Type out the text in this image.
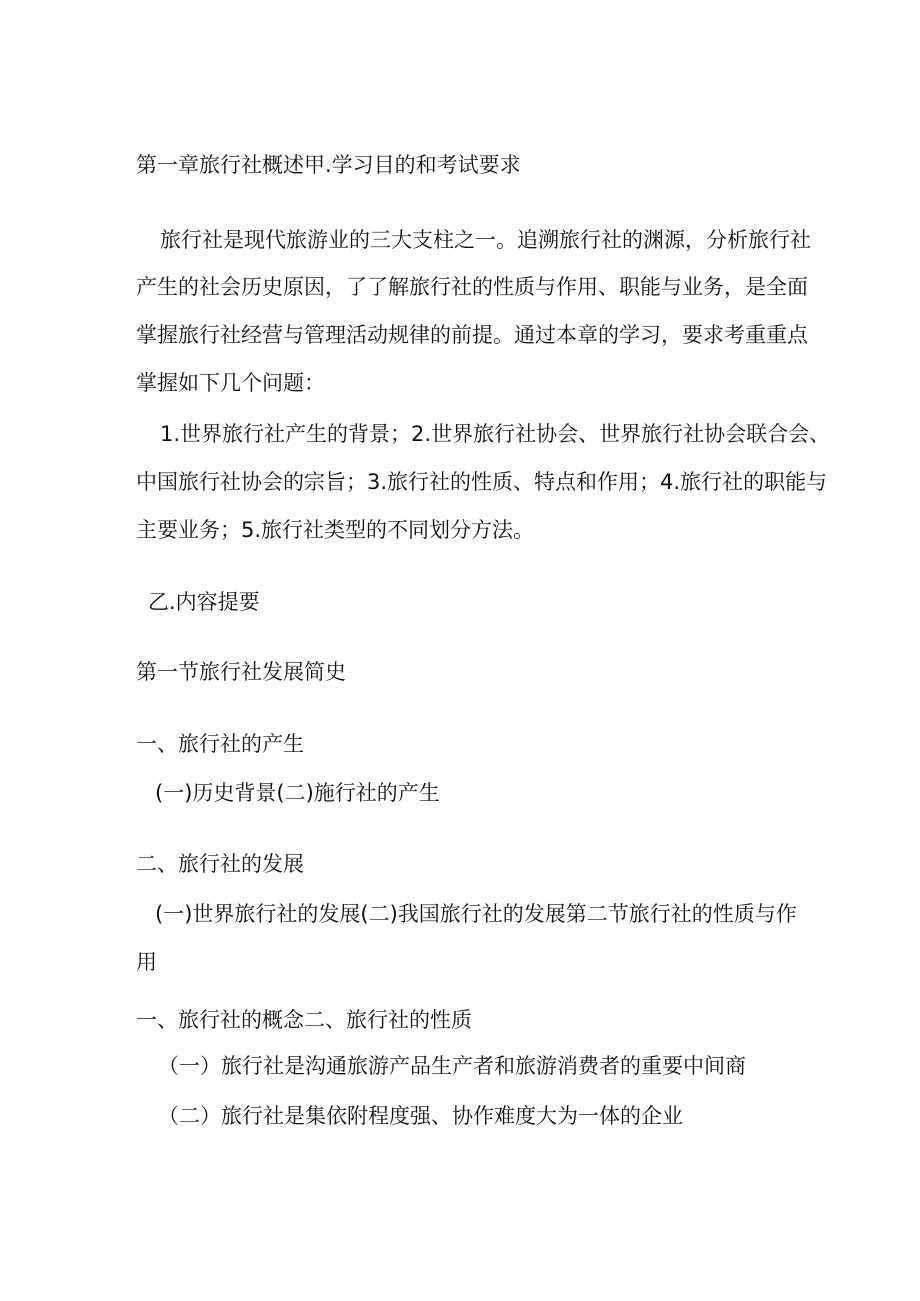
第一章旅行社概述甲.学习目的和考试要求
旅行社是现代旅游业的三大支柱之一。追溯旅行社的渊源，分析旅行社
产生的社会历史原因，了了解旅行社的性质与作用、职能与业务，是全面
掌握旅行社经营与管理活动规律的前提。通过本章的学习，要求考重重点
掌握如下几个问题：
1.世界旅行社产生的背景；2.世界旅行社协会、世界旅行社协会联合会、
中国旅行社协会的宗旨；3.旅行社的性质、特点和作用；4.旅行社的职能与
主要业务；5.旅行社类型的不同划分方法。
乙.内容提要
第一节旅行社发展简史
一、旅行社的产生
(一)历史背景(二)施行社的产生
二、旅行社的发展
(一)世界旅行社的发展(二)我国旅行社的发展第二节旅行社的性质与作
用
一、旅行社的概念二、旅行社的性质
（一）旅行社是沟通旅游产品生产者和旅游消费者的重要中间商
（二）旅行社是集依附程度强、协作难度大为一体的企业
